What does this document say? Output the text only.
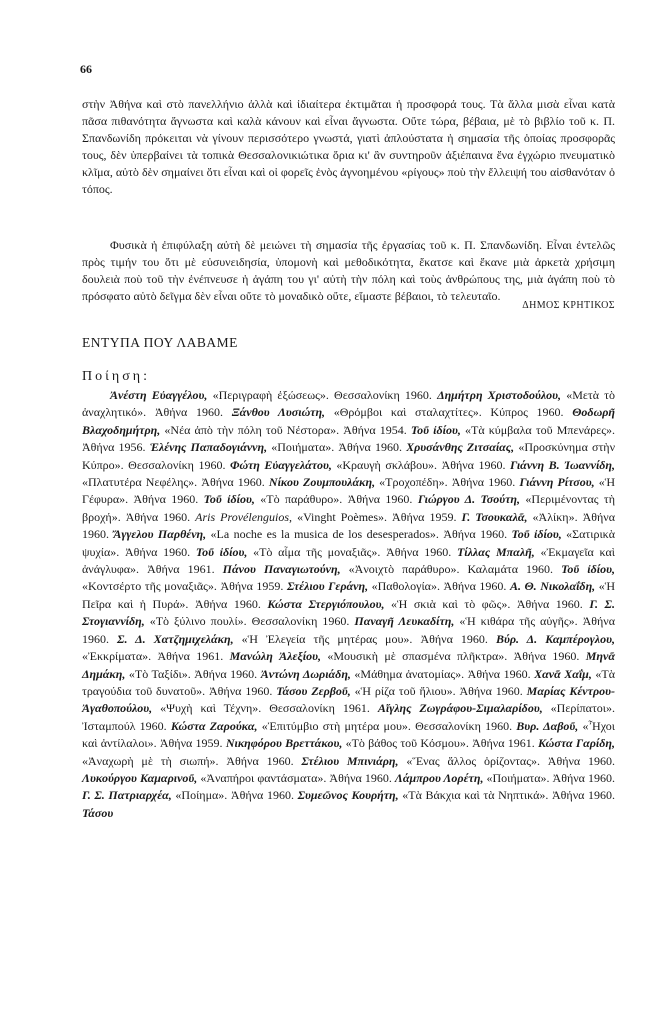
66

στὴν Ἀθήνα καὶ στὸ πανελλήνιο ἀλλὰ καὶ ἰδιαίτερα ἐκτιμᾶται ἡ προσφορά τους. Τὰ ἄλλα μισὰ εἶναι κατὰ πᾶσα πιθανότητα ἄγνωστα καὶ καλὰ κάνουν καὶ εἶναι ἄγνωστα. Οὔτε τώρα, βέβαια, μὲ τὸ βιβλίο τοῦ κ. Π. Σπανδωνίδη πρόκειται νὰ γίνουν περισσότερο γνωστά, γιατὶ ἁπλούστατα ἡ σημασία τῆς ὁποίας προσφορᾶς τους, δὲν ὑπερβαίνει τὰ τοπικὰ Θεσσαλονικιώτικα ὅρια κι' ἂν συντηροῦν ἀξιέπαινα ἕνα ἐγχώριο πνευματικὸ κλῖμα, αὐτὸ δὲν σημαίνει ὅτι εἶναι καὶ οἱ φορεῖς ἑνὸς ἀγνοημένου «ρίγους» ποὺ τὴν ἔλλειψή του αἰσθανόταν ὁ τόπος.

Φυσικὰ ἡ ἐπιφύλαξη αὐτὴ δὲ μειώνει τὴ σημασία τῆς ἐργασίας τοῦ κ. Π. Σπανδωνίδη. Εἶναι ἐντελῶς πρὸς τιμήν του ὅτι μὲ εὐσυνειδησία, ὑπομονὴ καὶ μεθοδικότητα, ἔκατσε καὶ ἔκανε μιὰ ἀρκετὰ χρήσιμη δουλειὰ ποὺ τοῦ τὴν ἐνέπνευσε ἡ ἀγάπη του γι' αὐτὴ τὴν πόλη καὶ τοὺς ἀνθρώπους της, μιὰ ἀγάπη ποὺ τὸ πρόσφατο αὐτὸ δεῖγμα δὲν εἶναι οὔτε τὸ μοναδικὸ οὔτε, εἴμαστε βέβαιοι, τὸ τελευταῖο.

ΔΗΜΟΣ ΚΡΗΤΙΚΟΣ
ΕΝΤΥΠΑ ΠΟΥ ΛΑΒΑΜΕ
Ποίηση:

Ἀνέστη Εὐαγγέλου, «Περιγραφὴ ἐξώσεως». Θεσσαλονίκη 1960. Δημήτρη Χριστοδούλου, «Μετὰ τὸ ἀναχλητικό». Ἀθήνα 1960. Ξάνθου Λυσιώτη, «Θρόμβοι καὶ σταλαχτίτες». Κύπρος 1960. Θοδωρῆ Βλαχοδημήτρη, «Νέα ἀπὸ τὴν πόλη τοῦ Νέστορα». Ἀθήνα 1954. Τοῦ ἰδίου, «Τὰ κύμβαλα τοῦ Μπενάρες». Ἀθήνα 1956. Ἑλένης Παπαδογιάννη, «Ποιήματα». Ἀθήνα 1960. Χρυσάνθης Ζιτσαίας, «Προσκύνημα στὴν Κύπρο». Θεσσαλονίκη 1960. Φώτη Εὐαγγελάτου, «Κραυγὴ σκλάβου». Ἀθήνα 1960. Γιάννη Β. Ἰωαννίδη, «Πλατυτέρα Νεφέλης». Ἀθήνα 1960. Νίκου Ζουμπουλάκη, «Τροχοπέδη». Ἀθήνα 1960. Γιάννη Ρίτσου, «Ἡ Γέφυρα». Ἀθήνα 1960. Τοῦ ἰδίου, «Τὸ παράθυρο». Ἀθήνα 1960. Γιώργου Δ. Τσούτη, «Περιμένοντας τὴ βροχή». Ἀθήνα 1960. Aris Provélenguios, «Vinght Poèmes». Ἀθήνα 1959. Γ. Τσουκαλᾶ, «Ἀλίκη». Ἀθήνα 1960. Ἄγγελου Παρθένη, «La noche es la musica de los desesperados». Ἀθήνα 1960. Τοῦ ἰδίου, «Σατιρικὰ ψυχία». Ἀθήνα 1960. Τοῦ ἰδίου, «Τὸ αἷμα τῆς μοναξιᾶς». Ἀθήνα 1960. Τίλλας Μπαλῆ, «Ἐκμαγεῖα καὶ ἀνάγλυφα». Ἀθήνα 1961. Πάνου Παναγιωτούνη, «Ἀνοιχτὸ παράθυρο». Καλαμάτα 1960. Τοῦ ἰδίου, «Κοντσέρτο τῆς μοναξιᾶς». Ἀθήνα 1959. Στέλιου Γεράνη, «Παθολογία». Ἀθήνα 1960. Α. Θ. Νικολαΐδη, «Ἡ Πεῖρα καὶ ἡ Πυρά». Ἀθήνα 1960. Κώστα Στεργιόπουλου, «Ἡ σκιὰ καὶ τὸ φῶς». Ἀθήνα 1960. Γ. Σ. Στογιαννίδη, «Τὸ ξύλινο πουλί». Θεσσαλονίκη 1960. Παναγῆ Λευκαδίτη, «Ἡ κιθάρα τῆς αὐγῆς». Ἀθήνα 1960. Σ. Δ. Χατζημιχελάκη, «Ἡ Ἐλεγεία τῆς μητέρας μου». Ἀθήνα 1960. Βύρ. Δ. Καμπέρογλου, «Ἐκκρίματα». Ἀθήνα 1961. Μανώλη Ἀλεξίου, «Μουσικὴ μὲ σπασμένα πλῆκτρα». Ἀθήνα 1960. Μηνᾶ Δημάκη, «Τὸ Ταξίδι». Ἀθήνα 1960. Ἀντώνη Δωριάδη, «Μάθημα ἀνατομίας». Ἀθήνα 1960. Χανᾶ Χαΐμ, «Τὰ τραγούδια τοῦ δυνατοῦ». Ἀθήνα 1960. Τάσου Ζερβοῦ, «Ἡ ρίζα τοῦ ἥλιου». Ἀθήνα 1960. Μαρίας Κέντρου-Ἀγαθοπούλου, «Ψυχὴ καὶ Τέχνη». Θεσσαλονίκη 1961. Αἴγλης Ζωγράφου-Σιμαλαρίδου, «Περίπατοι». Ἰσταμπούλ 1960. Κώστα Ζαρούκα, «Ἐπιτύμβιο στὴ μητέρα μου». Θεσσαλονίκη 1960. Βυρ. Δαβοῦ, «Ἦχοι καὶ ἀντίλαλοι». Ἀθήνα 1959. Νικηφόρου Βρεττάκου, «Τὸ βάθος τοῦ Κόσμου». Ἀθήνα 1961. Κώστα Γαρίδη, «Ἀναχωρὴ μὲ τὴ σιωπή». Ἀθήνα 1960. Στέλιου Μπινιάρη, «Ἕνας ἄλλος ὁρίζοντας». Ἀθήνα 1960. Λυκούργου Καμαρινοῦ, «Ἀναπήροι φαντάσματα». Ἀθήνα 1960. Λάμπρου Λορέτη, «Ποιήματα». Ἀθήνα 1960. Γ. Σ. Πατριαρχέα, «Ποίημα». Ἀθήνα 1960. Συμεῶνος Κουρήτη, «Τὰ Βάκχια καὶ τὰ Νηπτικά». Ἀθήνα 1960. Τάσου
